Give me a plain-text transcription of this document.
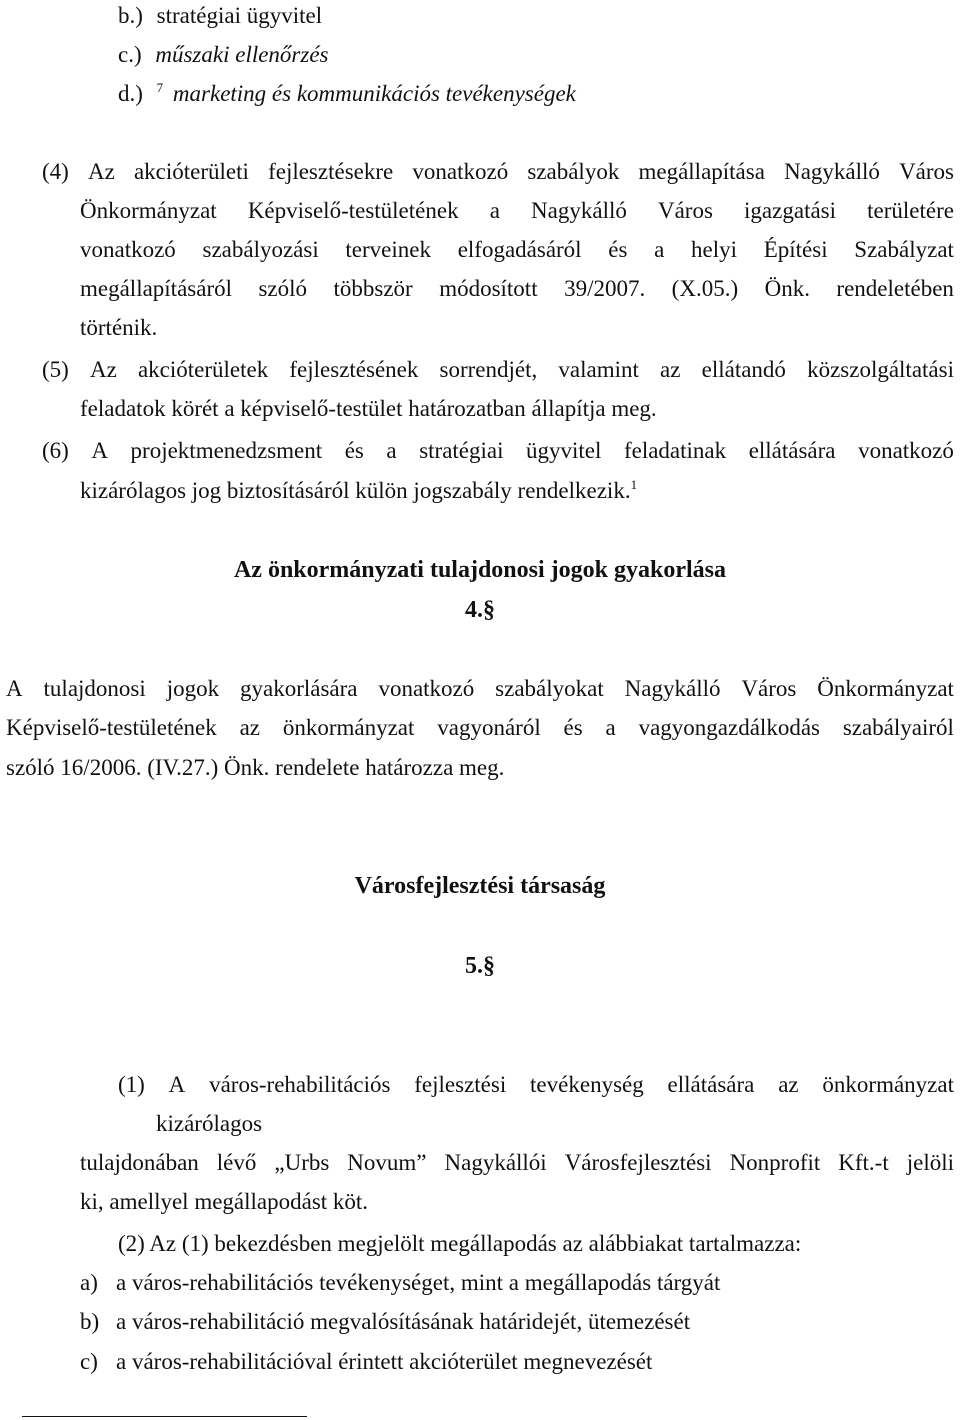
b.) stratégiai ügyvitel
c.) műszaki ellenőrzés
d.) $^7$ marketing és kommunikációs tevékenységek
(4) Az akcióterületi fejlesztésekre vonatkozó szabályok megállapítása Nagykálló Város
Önkormányzat Képviselő-testületének a Nagykálló Város igazgatási területére
vonatkozó szabályozási terveinek elfogadásáról és a helyi Építési Szabályzat
megállapításáról szóló többször módosított 39/2007. (X.05.) Önk. rendeletében
történik.
(5) Az akcióterületek fejlesztésének sorrendjét, valamint az ellátandó közszolgáltatási
feladatok körét a képviselő-testület határozatban állapítja meg.
(6) A projektmenedzsment és a stratégiai ügyvitel feladatinak ellátására vonatkozó
kizárólagos jog biztosításáról külön jogszabály rendelkezik.$^1$
Az önkormányzati tulajdonosi jogok gyakorlása
4.§
A tulajdonosi jogok gyakorlására vonatkozó szabályokat Nagykálló Város Önkormányzat
Képviselő-testületének az önkormányzat vagyonáról és a vagyongazdálkodás szabályairól
szóló 16/2006. (IV.27.) Önk. rendelete határozza meg.
Városfejlesztési társaság
5.§
(1) A város-rehabilitációs fejlesztési tevékenység ellátására az önkormányzat
kizárólagos
tulajdonában lévő „Urbs Novum” Nagykállói Városfejlesztési Nonprofit Kft.-t jelöli
ki, amellyel megállapodást köt.
(2) Az (1) bekezdésben megjelölt megállapodás az alábbiakat tartalmazza:
a) a város-rehabilitációs tevékenységet, mint a megállapodás tárgyát
b) a város-rehabilitáció megvalósításának határidejét, ütemezését
c) a város-rehabilitációval érintett akcióterület megnevezését
